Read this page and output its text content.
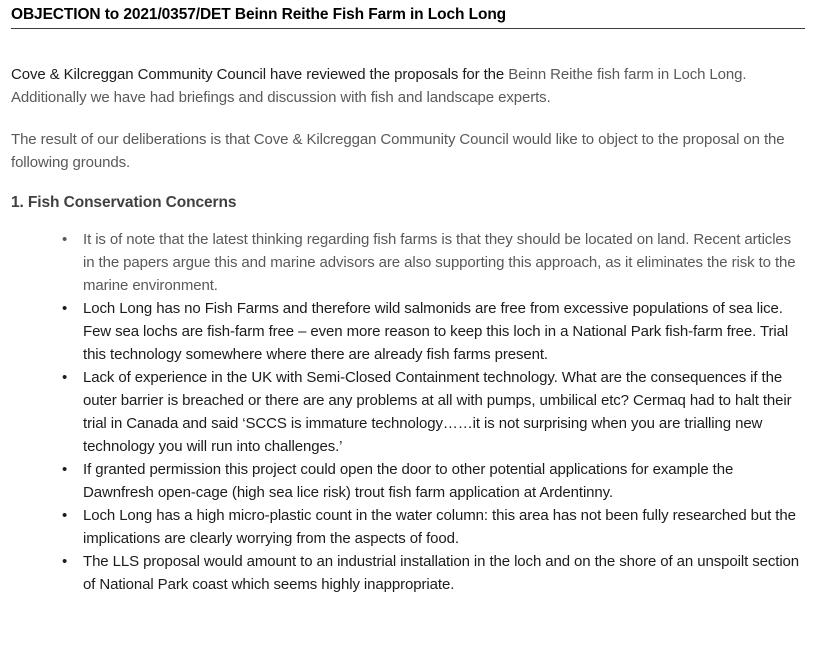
OBJECTION to 2021/0357/DET Beinn Reithe Fish Farm in Loch Long

Cove & Kilcreggan Community Council have reviewed the proposals for the Beinn Reithe fish farm in Loch Long. Additionally we have had briefings and discussion with fish and landscape experts.

The result of our deliberations is that Cove & Kilcreggan Community Council would like to object to the proposal on the following grounds.

1. Fish Conservation Concerns
• It is of note that the latest thinking regarding fish farms is that they should be located on land. Recent articles in the papers argue this and marine advisors are also supporting this approach, as it eliminates the risk to the marine environment.
• Loch Long has no Fish Farms and therefore wild salmonids are free from excessive populations of sea lice. Few sea lochs are fish-farm free – even more reason to keep this loch in a National Park fish-farm free. Trial this technology somewhere where there are already fish farms present.
• Lack of experience in the UK with Semi-Closed Containment technology. What are the consequences if the outer barrier is breached or there are any problems at all with pumps, umbilical etc? Cermaq had to halt their trial in Canada and said ‘SCCS is immature technology……it is not surprising when you are trialling new technology you will run into challenges.’
• If granted permission this project could open the door to other potential applications for example the Dawnfresh open-cage (high sea lice risk) trout fish farm application at Ardentinny.
• Loch Long has a high micro-plastic count in the water column: this area has not been fully researched but the implications are clearly worrying from the aspects of food.
• The LLS proposal would amount to an industrial installation in the loch and on the shore of an unspoilt section of National Park coast which seems highly inappropriate.
